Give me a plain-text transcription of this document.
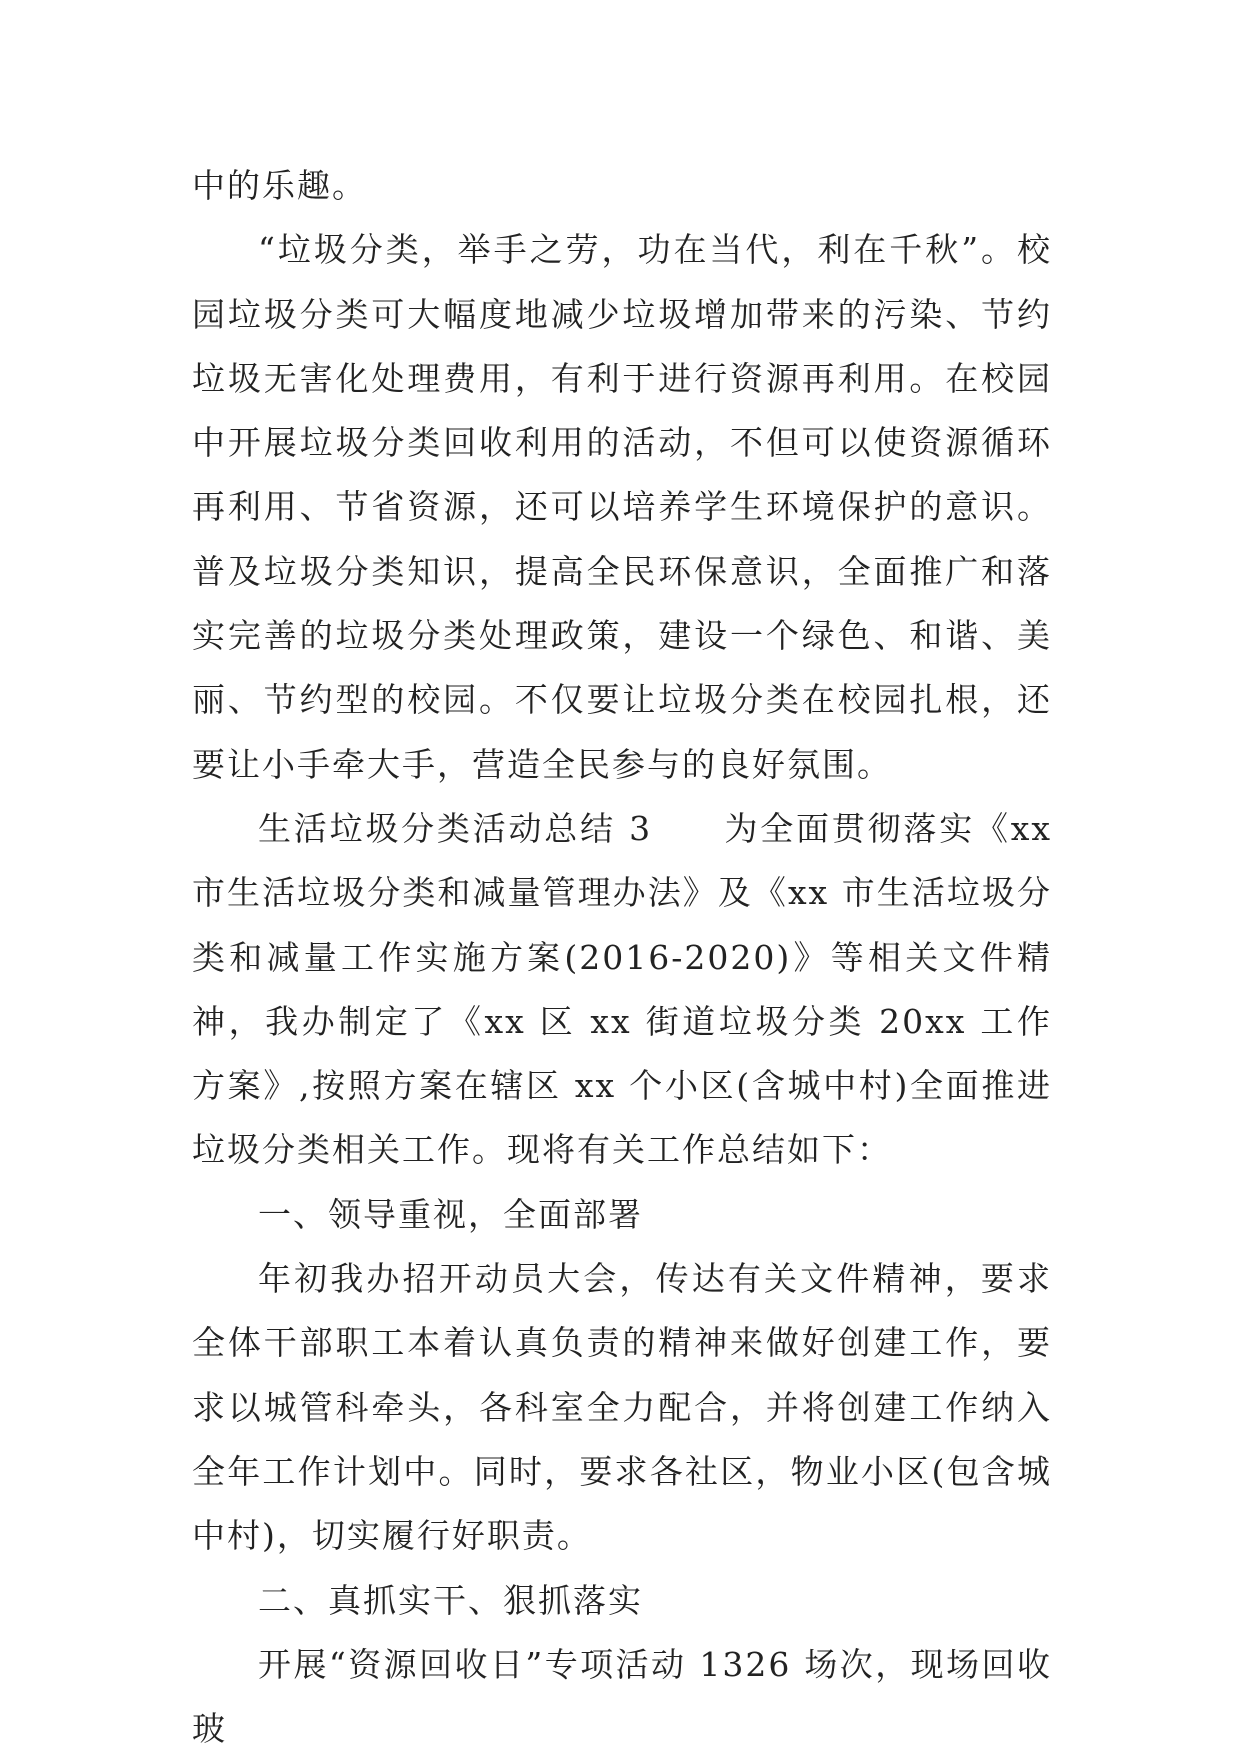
中的乐趣。

“垃圾分类，举手之劳，功在当代，利在千秋”。校园垃圾分类可大幅度地减少垃圾增加带来的污染、节约垃圾无害化处理费用，有利于进行资源再利用。在校园中开展垃圾分类回收利用的活动，不但可以使资源循环再利用、节省资源，还可以培养学生环境保护的意识。普及垃圾分类知识，提高全民环保意识，全面推广和落实完善的垃圾分类处理政策，建设一个绿色、和谐、美丽、节约型的校园。不仅要让垃圾分类在校园扎根，还要让小手牵大手，营造全民参与的良好氛围。

生活垃圾分类活动总结 3　　为全面贯彻落实《xx 市生活垃圾分类和减量管理办法》及《xx 市生活垃圾分类和减量工作实施方案(2016-2020)》等相关文件精神，我办制定了《xx 区 xx 街道垃圾分类 20xx 工作方案》,按照方案在辖区 xx 个小区(含城中村)全面推进垃圾分类相关工作。现将有关工作总结如下：

一、领导重视，全面部署

年初我办招开动员大会，传达有关文件精神，要求全体干部职工本着认真负责的精神来做好创建工作，要求以城管科牵头，各科室全力配合，并将创建工作纳入全年工作计划中。同时，要求各社区，物业小区(包含城中村)，切实履行好职责。

二、真抓实干、狠抓落实

开展“资源回收日”专项活动 1326 场次，现场回收玻
